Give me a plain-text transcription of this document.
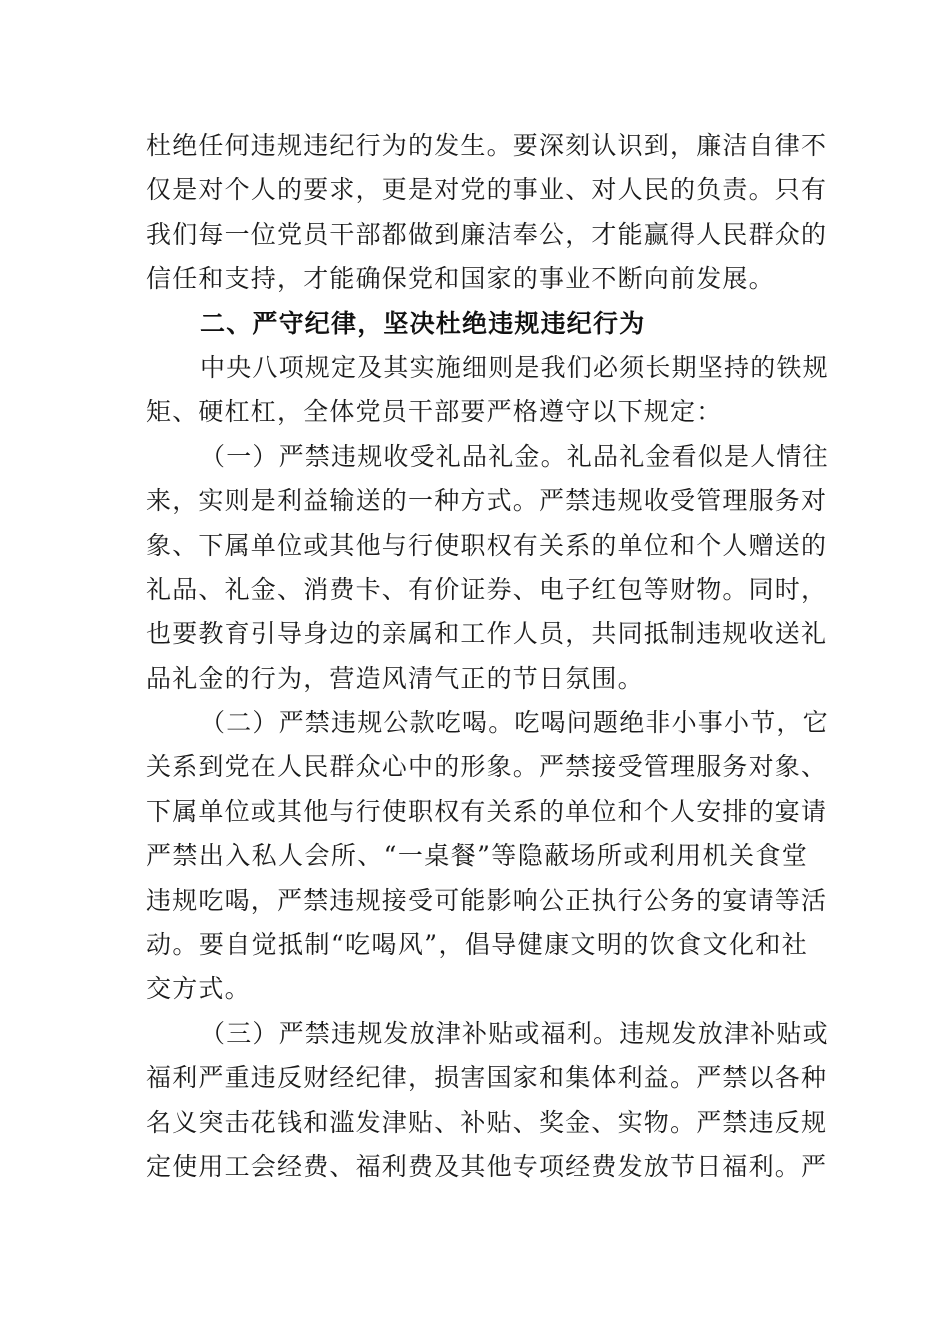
杜绝任何违规违纪行为的发生。要深刻认识到，廉洁自律不
仅是对个人的要求，更是对党的事业、对人民的负责。只有
我们每一位党员干部都做到廉洁奉公，才能赢得人民群众的
信任和支持，才能确保党和国家的事业不断向前发展。
二、严守纪律，坚决杜绝违规违纪行为
中央八项规定及其实施细则是我们必须长期坚持的铁规
矩、硬杠杠，全体党员干部要严格遵守以下规定：
（一）严禁违规收受礼品礼金。礼品礼金看似是人情往
来，实则是利益输送的一种方式。严禁违规收受管理服务对
象、下属单位或其他与行使职权有关系的单位和个人赠送的
礼品、礼金、消费卡、有价证券、电子红包等财物。同时，
也要教育引导身边的亲属和工作人员，共同抵制违规收送礼
品礼金的行为，营造风清气正的节日氛围。
（二）严禁违规公款吃喝。吃喝问题绝非小事小节，它
关系到党在人民群众心中的形象。严禁接受管理服务对象、
下属单位或其他与行使职权有关系的单位和个人安排的宴请
严禁出入私人会所、“一桌餐”等隐蔽场所或利用机关食堂
违规吃喝，严禁违规接受可能影响公正执行公务的宴请等活
动。要自觉抵制“吃喝风”，倡导健康文明的饮食文化和社
交方式。
（三）严禁违规发放津补贴或福利。违规发放津补贴或
福利严重违反财经纪律，损害国家和集体利益。严禁以各种
名义突击花钱和滥发津贴、补贴、奖金、实物。严禁违反规
定使用工会经费、福利费及其他专项经费发放节日福利。严
